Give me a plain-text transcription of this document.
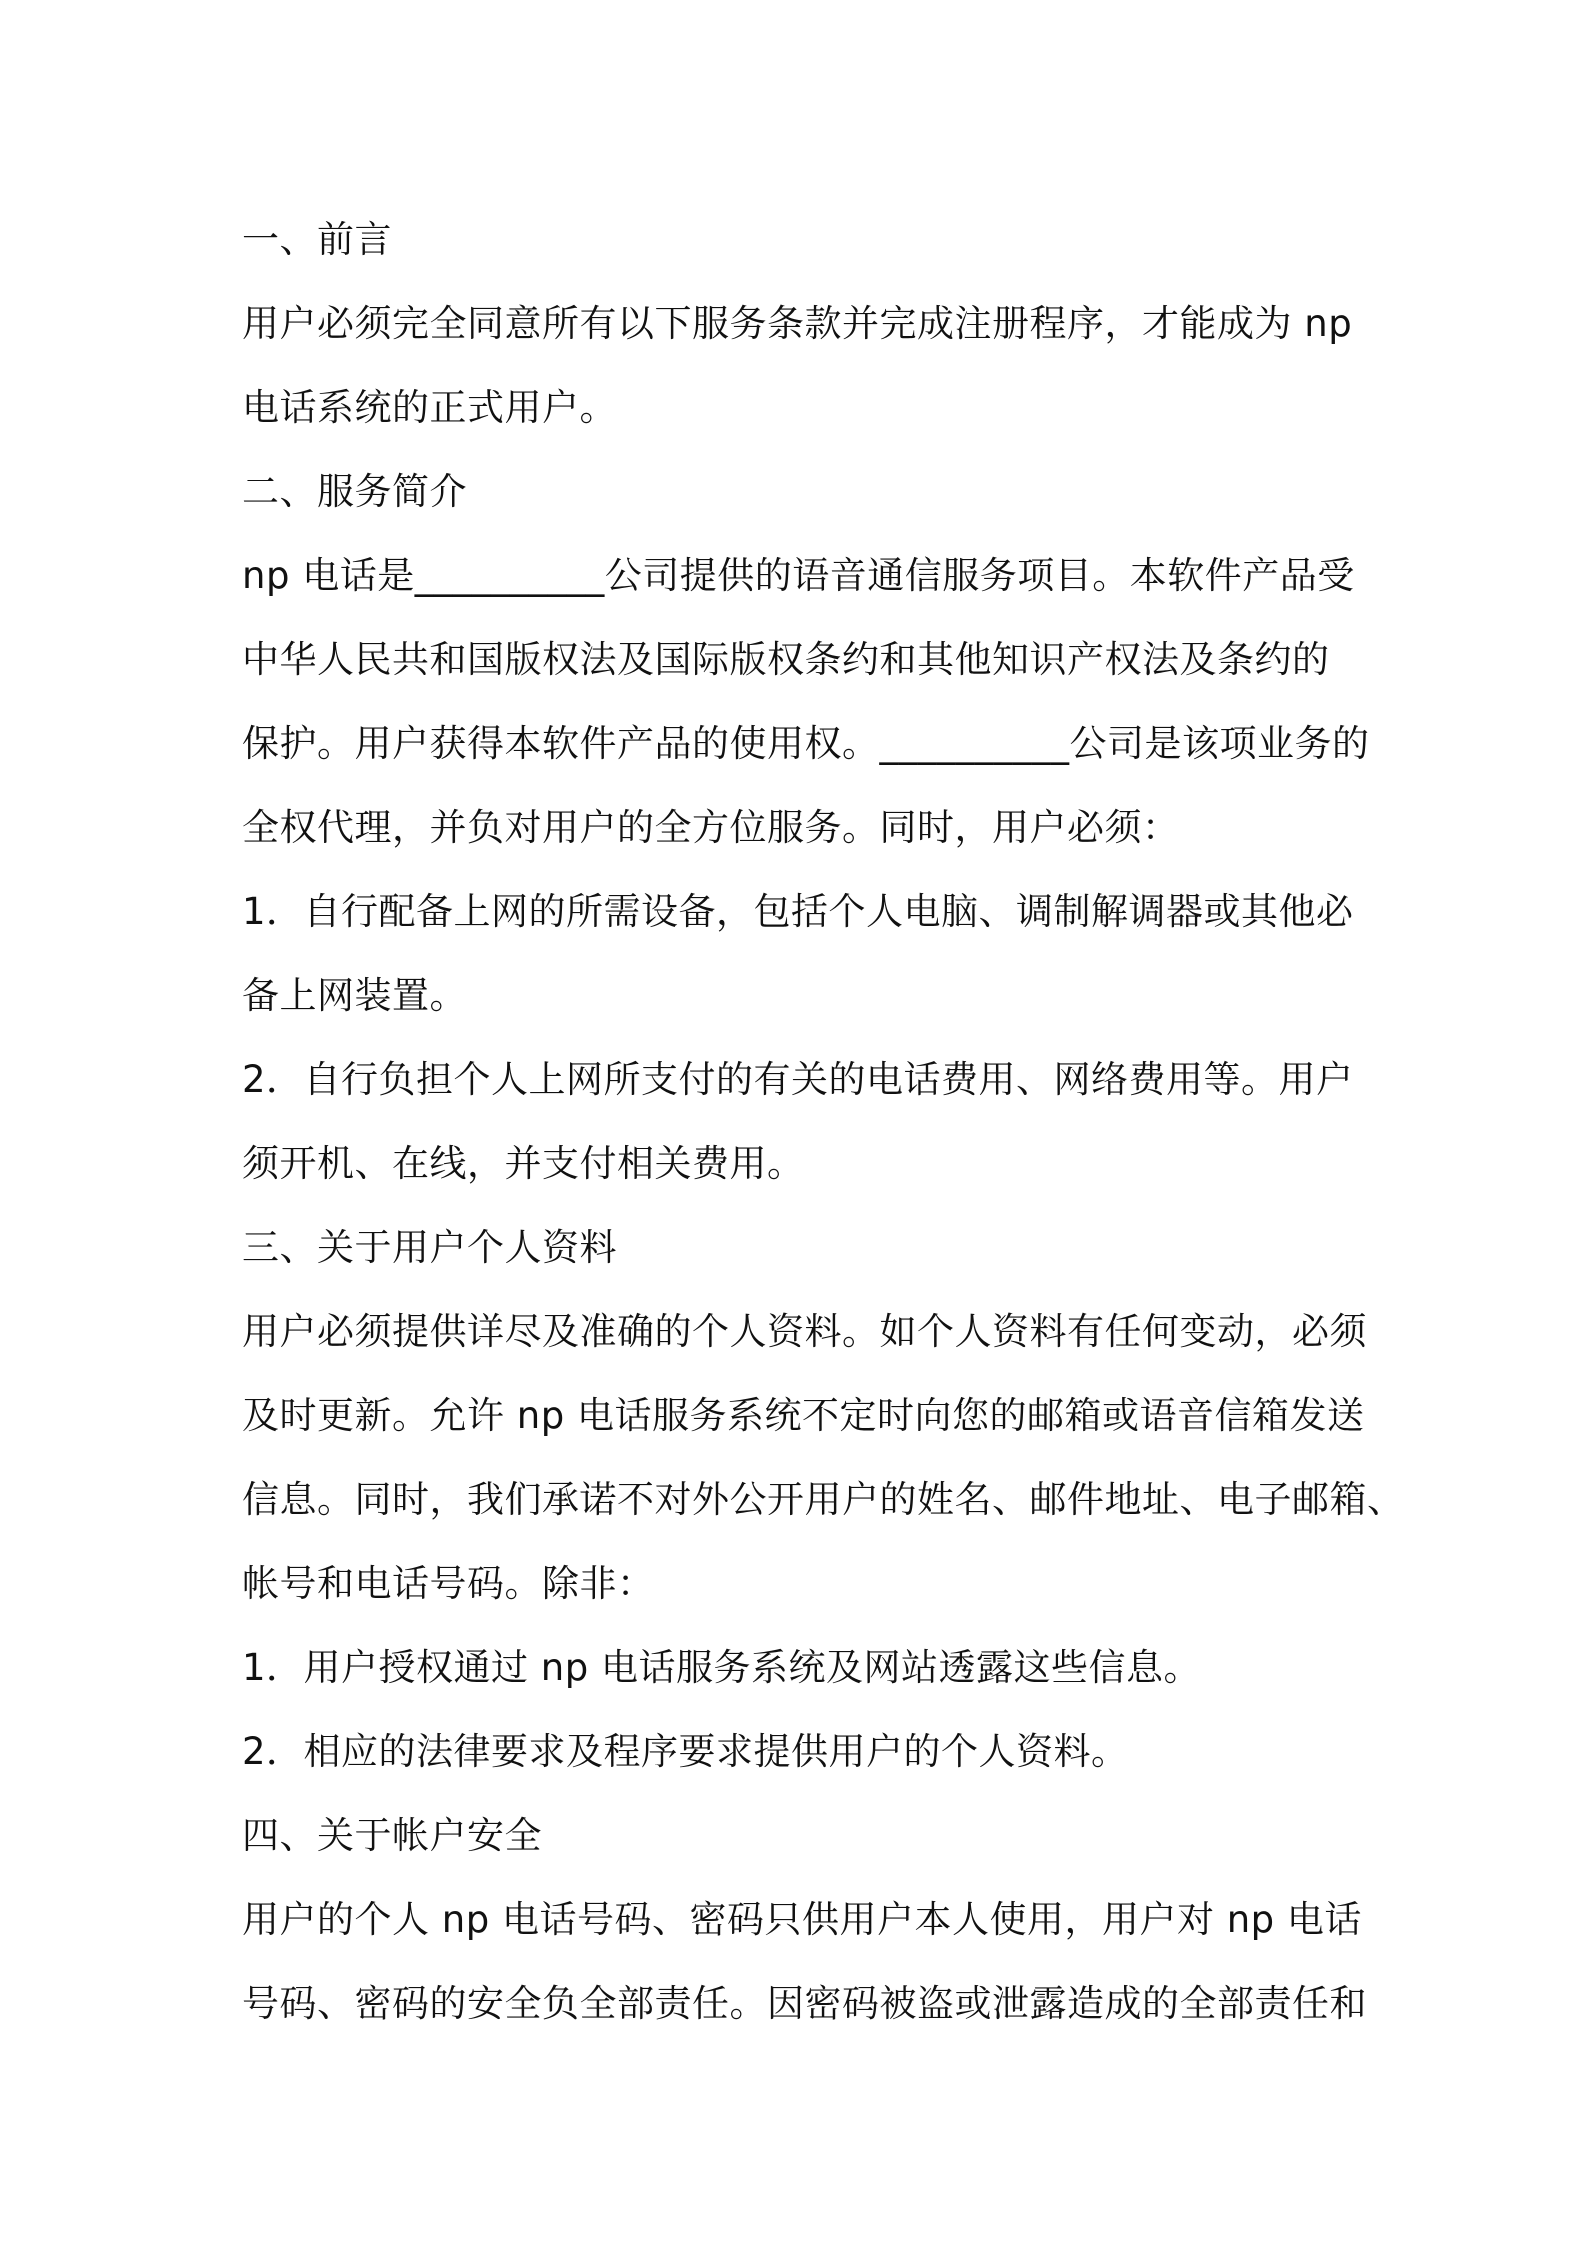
一、前言
用户必须完全同意所有以下服务条款并完成注册程序，才能成为 np
电话系统的正式用户。
二、服务简介
np 电话是__________公司提供的语音通信服务项目。本软件产品受
中华人民共和国版权法及国际版权条约和其他知识产权法及条约的
保护。用户获得本软件产品的使用权。__________公司是该项业务的
全权代理，并负对用户的全方位服务。同时，用户必须：
1．自行配备上网的所需设备，包括个人电脑、调制解调器或其他必
备上网装置。
2．自行负担个人上网所支付的有关的电话费用、网络费用等。用户
须开机、在线，并支付相关费用。
三、关于用户个人资料
用户必须提供详尽及准确的个人资料。如个人资料有任何变动，必须
及时更新。允许 np 电话服务系统不定时向您的邮箱或语音信箱发送
信息。同时，我们承诺不对外公开用户的姓名、邮件地址、电子邮箱、
帐号和电话号码。除非：
1．用户授权通过 np 电话服务系统及网站透露这些信息。
2．相应的法律要求及程序要求提供用户的个人资料。
四、关于帐户安全
用户的个人 np 电话号码、密码只供用户本人使用，用户对 np 电话
号码、密码的安全负全部责任。因密码被盗或泄露造成的全部责任和
